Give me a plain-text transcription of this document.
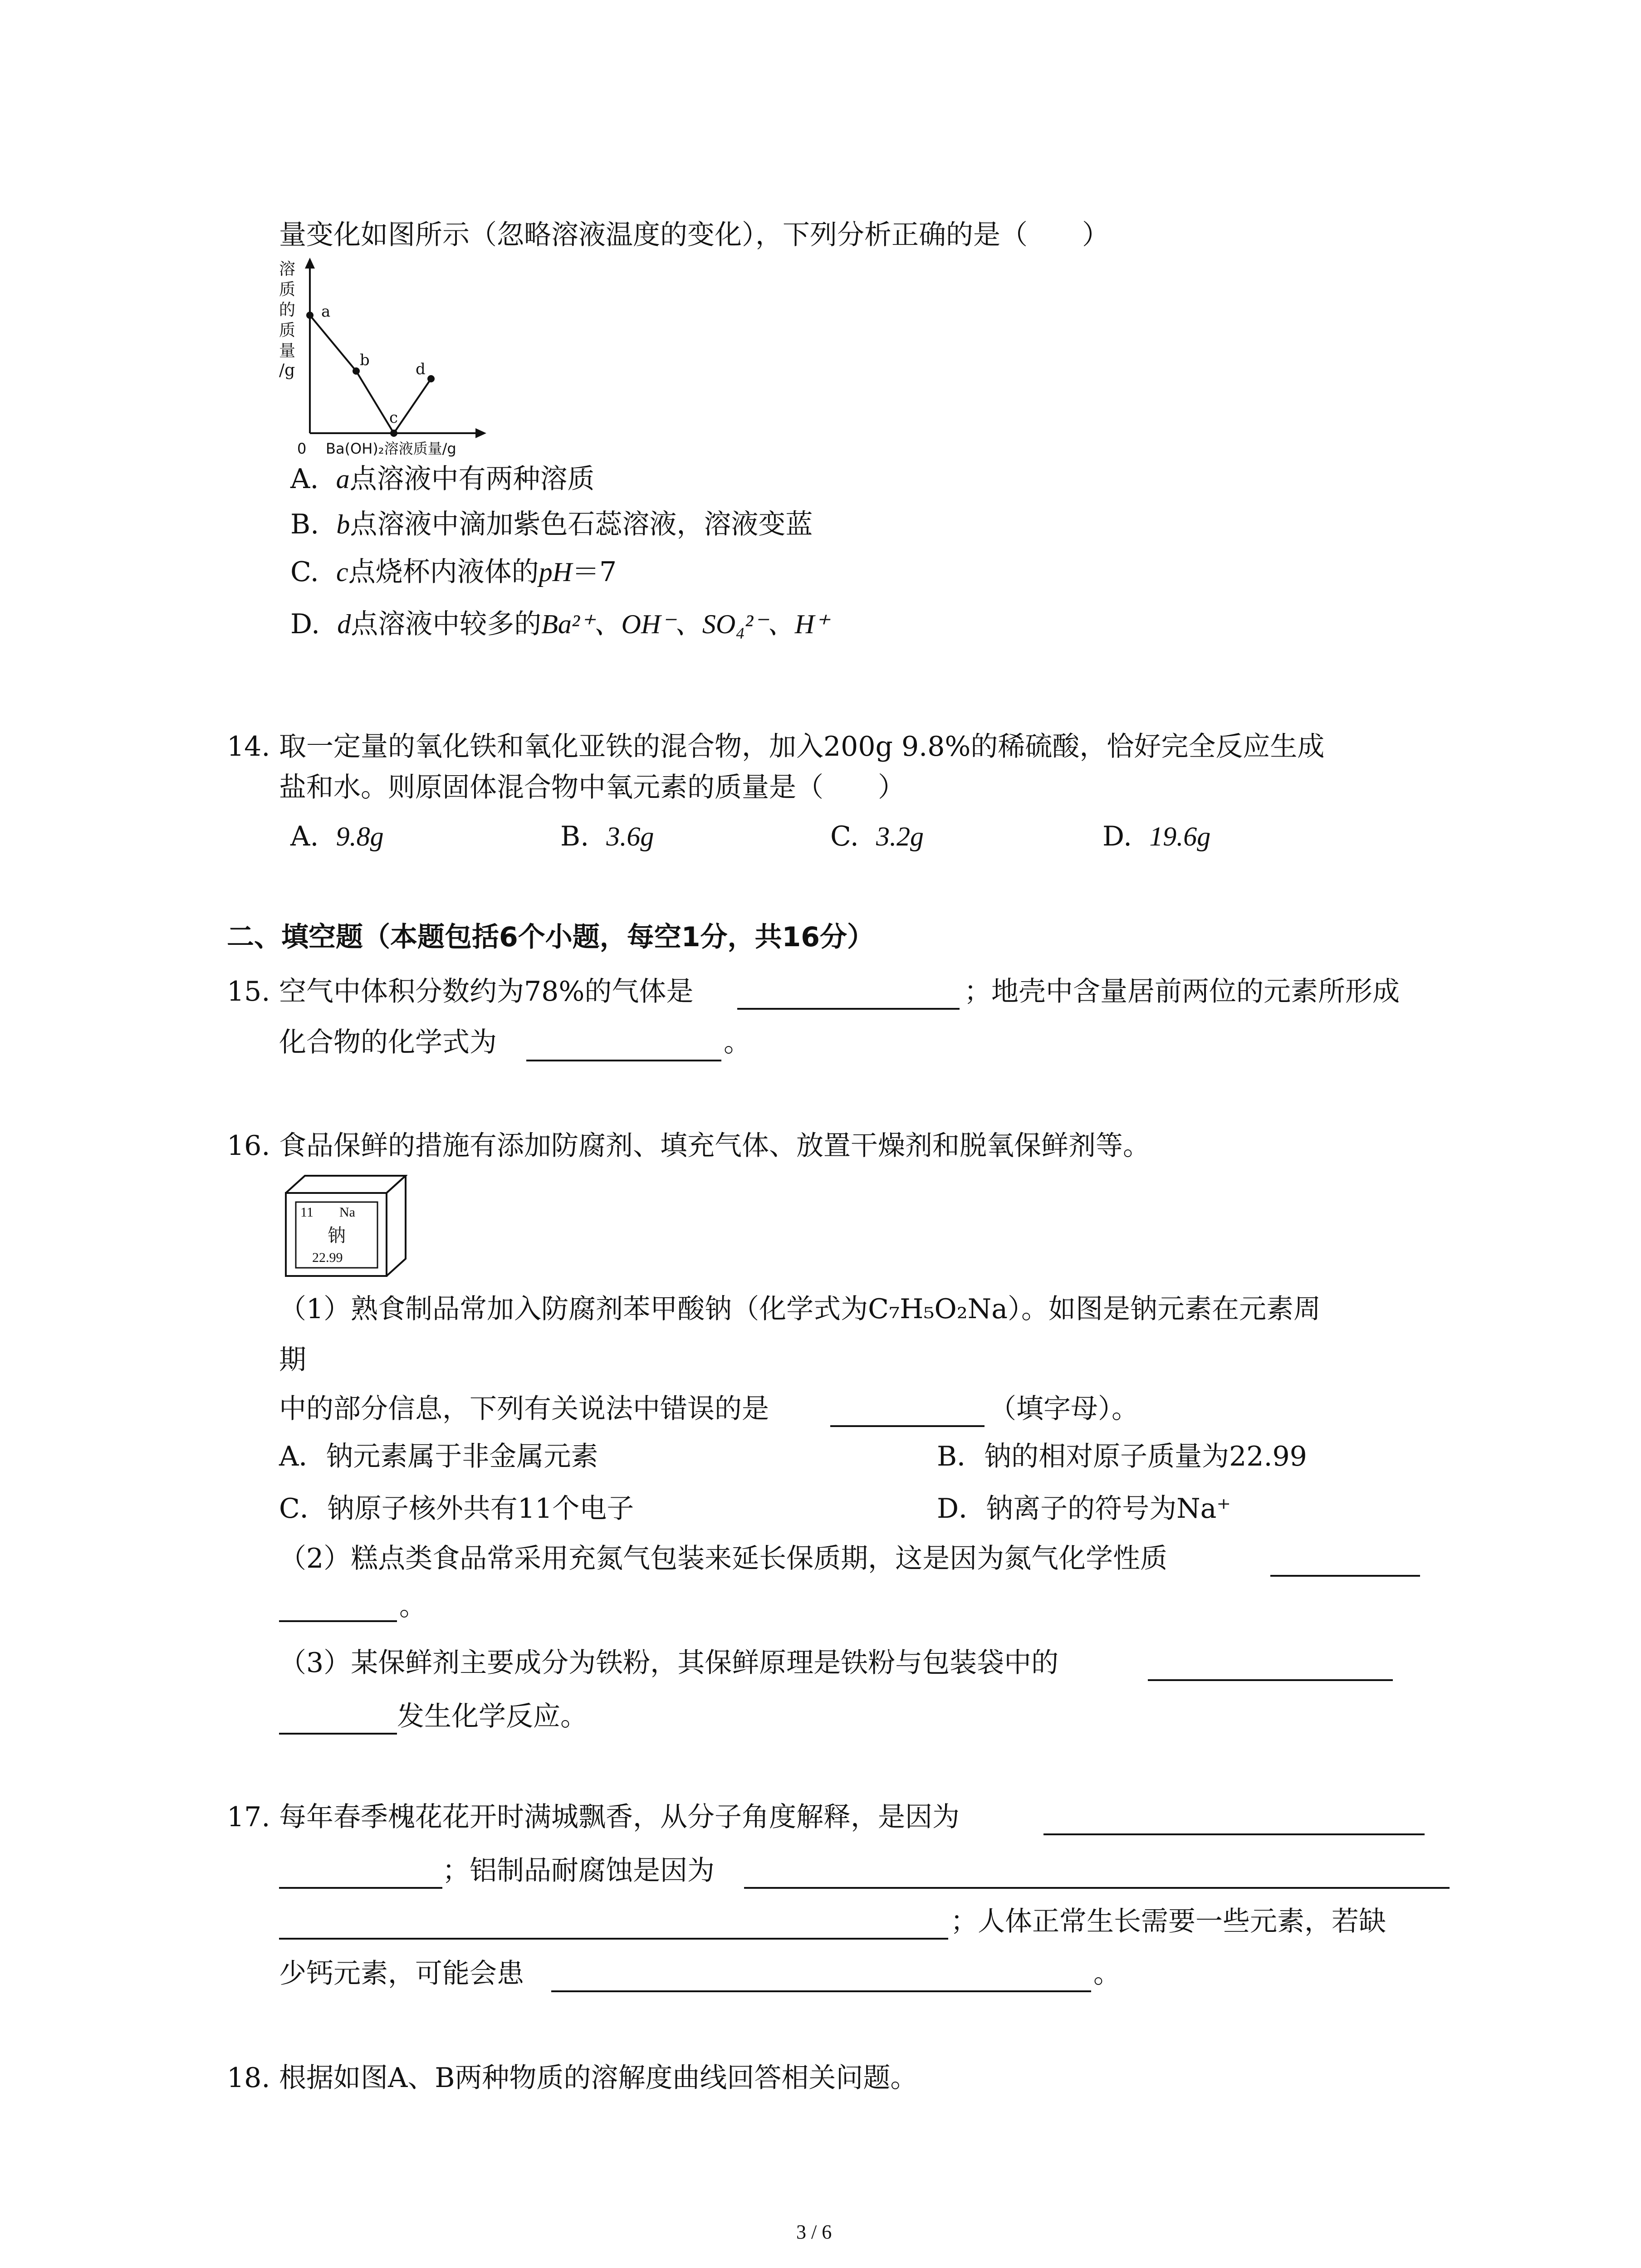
量变化如图所示（忽略溶液温度的变化），下列分析正确的是（　　）
溶
质
的
质
量
/g
a
b
c
d
0 Ba(OH)₂溶液质量/g
A. a点溶液中有两种溶质
B. b点溶液中滴加紫色石蕊溶液，溶液变蓝
C. c点烧杯内液体的pH＝7
D. d点溶液中较多的Ba²⁺、OH⁻、SO₄²⁻、H⁺
14. 取一定量的氧化铁和氧化亚铁的混合物，加入200g 9.8%的稀硫酸，恰好完全反应生成
盐和水。则原固体混合物中氧元素的质量是（　　）
A. 9.8g	B. 3.6g	C. 3.2g	D. 19.6g
二、填空题（本题包括6个小题，每空1分，共16分）
15. 空气中体积分数约为78%的气体是	；地壳中含量居前两位的元素所形成
化合物的化学式为	。
16. 食品保鲜的措施有添加防腐剂、填充气体、放置干燥剂和脱氧保鲜剂等。
11 Na
钠
22.99
（1）熟食制品常加入防腐剂苯甲酸钠（化学式为C₇H₅O₂Na）。如图是钠元素在元素周
期
中的部分信息，下列有关说法中错误的是	（填字母）。
A．钠元素属于非金属元素	B．钠的相对原子质量为22.99
C．钠原子核外共有11个电子	D．钠离子的符号为Na⁺
（2）糕点类食品常采用充氮气包装来延长保质期，这是因为氮气化学性质
。
（3）某保鲜剂主要成分为铁粉，其保鲜原理是铁粉与包装袋中的
发生化学反应。
17. 每年春季槐花花开时满城飘香，从分子角度解释，是因为
；铝制品耐腐蚀是因为
；人体正常生长需要一些元素，若缺
少钙元素，可能会患	。
18. 根据如图A、B两种物质的溶解度曲线回答相关问题。
3 / 6
